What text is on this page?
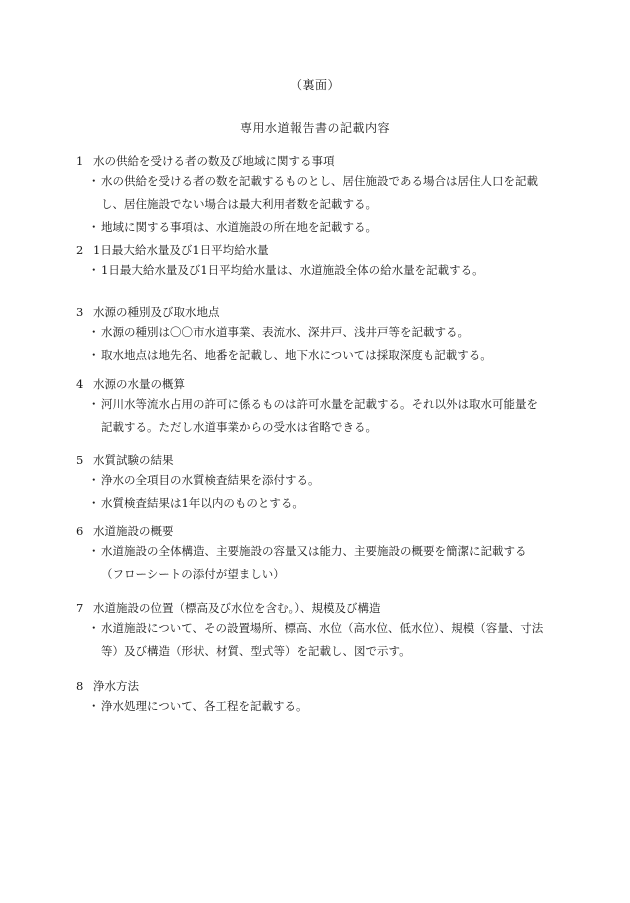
（裏面）
専用水道報告書の記載内容
1 水の供給を受ける者の数及び地域に関する事項
・ 水の供給を受ける者の数を記載するものとし、居住施設である場合は居住人口を記載
し、居住施設でない場合は最大利用者数を記載する。
・ 地域に関する事項は、水道施設の所在地を記載する。
2 1日最大給水量及び1日平均給水量
・ 1日最大給水量及び1日平均給水量は、水道施設全体の給水量を記載する。
3 水源の種別及び取水地点
・ 水源の種別は〇〇市水道事業、表流水、深井戸、浅井戸等を記載する。
・ 取水地点は地先名、地番を記載し、地下水については採取深度も記載する。
4 水源の水量の概算
・ 河川水等流水占用の許可に係るものは許可水量を記載する。それ以外は取水可能量を
記載する。ただし水道事業からの受水は省略できる。
5 水質試験の結果
・ 浄水の全項目の水質検査結果を添付する。
・ 水質検査結果は1年以内のものとする。
6 水道施設の概要
・ 水道施設の全体構造、主要施設の容量又は能力、主要施設の概要を簡潔に記載する
（フローシートの添付が望ましい）
7 水道施設の位置（標高及び水位を含む。）、規模及び構造
・ 水道施設について、その設置場所、標高、水位（高水位、低水位）、規模（容量、寸法
等）及び構造（形状、材質、型式等）を記載し、図で示す。
8 浄水方法
・ 浄水処理について、各工程を記載する。
